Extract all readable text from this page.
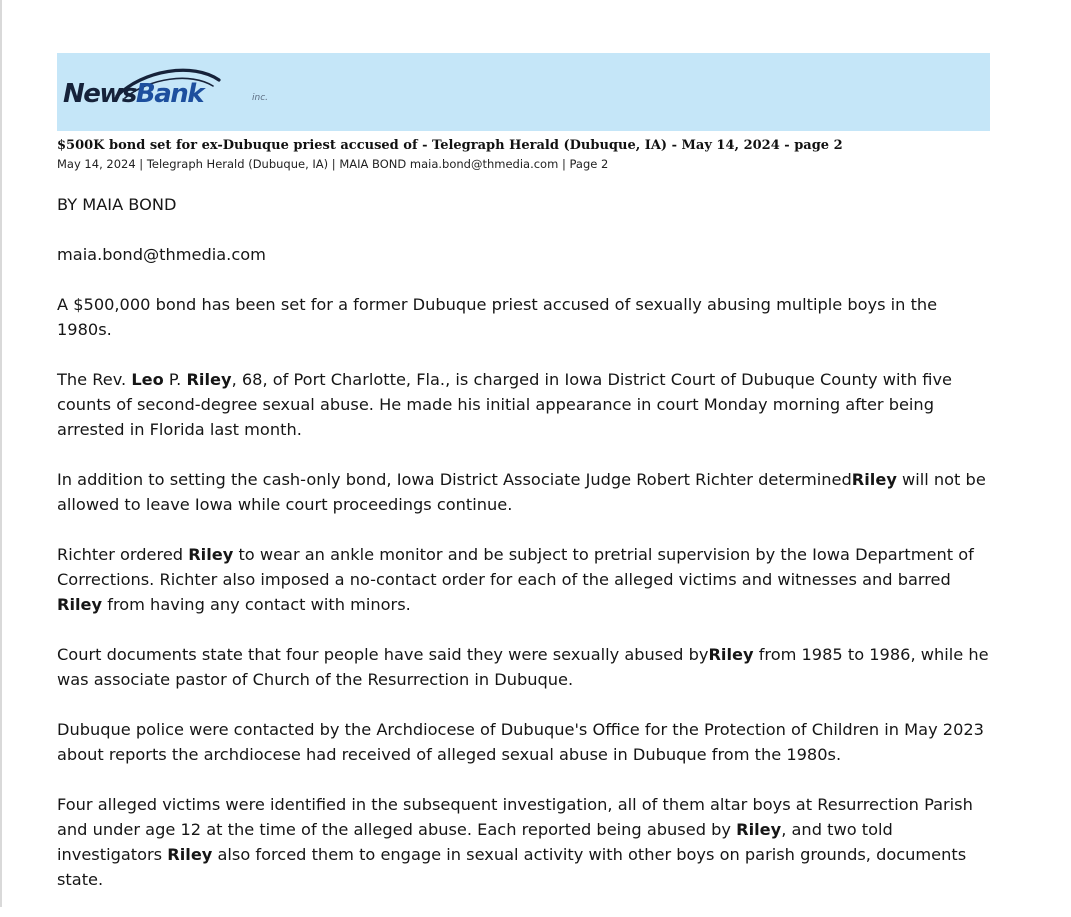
NewsBank	inc.
$500K bond set for ex-Dubuque priest accused of - Telegraph Herald (Dubuque, IA) - May 14, 2024 - page 2
May 14, 2024 | Telegraph Herald (Dubuque, IA) | MAIA BOND maia.bond@thmedia.com | Page 2

BY MAIA BOND

maia.bond@thmedia.com

A $500,000 bond has been set for a former Dubuque priest accused of sexually abusing multiple boys in the 1980s.

The Rev. Leo P. Riley, 68, of Port Charlotte, Fla., is charged in Iowa District Court of Dubuque County with five counts of second-degree sexual abuse. He made his initial appearance in court Monday morning after being arrested in Florida last month.

In addition to setting the cash-only bond, Iowa District Associate Judge Robert Richter determinedRiley will not be allowed to leave Iowa while court proceedings continue.

Richter ordered Riley to wear an ankle monitor and be subject to pretrial supervision by the Iowa Department of Corrections. Richter also imposed a no-contact order for each of the alleged victims and witnesses and barred Riley from having any contact with minors.

Court documents state that four people have said they were sexually abused byRiley from 1985 to 1986, while he was associate pastor of Church of the Resurrection in Dubuque.

Dubuque police were contacted by the Archdiocese of Dubuque's Office for the Protection of Children in May 2023 about reports the archdiocese had received of alleged sexual abuse in Dubuque from the 1980s.

Four alleged victims were identified in the subsequent investigation, all of them altar boys at Resurrection Parish and under age 12 at the time of the alleged abuse. Each reported being abused by Riley, and two told investigators Riley also forced them to engage in sexual activity with other boys on parish grounds, documents state.
